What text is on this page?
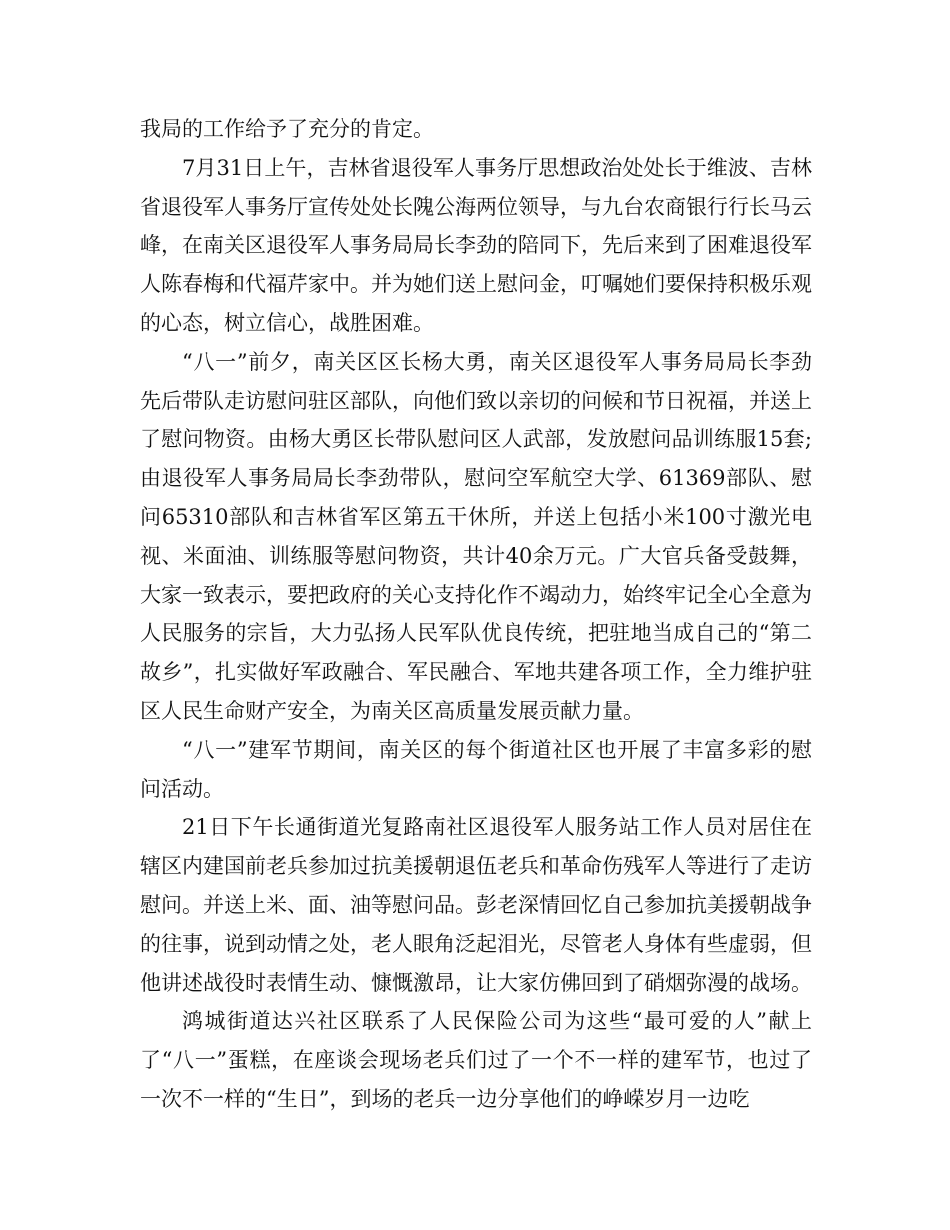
我局的工作给予了充分的肯定。

7月31日上午，吉林省退役军人事务厅思想政治处处长于维波、吉林省退役军人事务厅宣传处处长隗公海两位领导，与九台农商银行行长马云峰，在南关区退役军人事务局局长李劲的陪同下，先后来到了困难退役军人陈春梅和代福芹家中。并为她们送上慰问金，叮嘱她们要保持积极乐观的心态，树立信心，战胜困难。

“八一”前夕，南关区区长杨大勇，南关区退役军人事务局局长李劲先后带队走访慰问驻区部队，向他们致以亲切的问候和节日祝福，并送上了慰问物资。由杨大勇区长带队慰问区人武部，发放慰问品训练服15套;由退役军人事务局局长李劲带队，慰问空军航空大学、61369部队、慰问65310部队和吉林省军区第五干休所，并送上包括小米100寸激光电视、米面油、训练服等慰问物资，共计40余万元。广大官兵备受鼓舞，大家一致表示，要把政府的关心支持化作不竭动力，始终牢记全心全意为人民服务的宗旨，大力弘扬人民军队优良传统，把驻地当成自己的“第二故乡”，扎实做好军政融合、军民融合、军地共建各项工作，全力维护驻区人民生命财产安全，为南关区高质量发展贡献力量。

“八一”建军节期间，南关区的每个街道社区也开展了丰富多彩的慰问活动。

21日下午长通街道光复路南社区退役军人服务站工作人员对居住在辖区内建国前老兵参加过抗美援朝退伍老兵和革命伤残军人等进行了走访慰问。并送上米、面、油等慰问品。彭老深情回忆自己参加抗美援朝战争的往事，说到动情之处，老人眼角泛起泪光，尽管老人身体有些虚弱，但他讲述战役时表情生动、慷慨激昂，让大家仿佛回到了硝烟弥漫的战场。

鸿城街道达兴社区联系了人民保险公司为这些“最可爱的人”献上了“八一”蛋糕，在座谈会现场老兵们过了一个不一样的建军节，也过了一次不一样的“生日”，到场的老兵一边分享他们的峥嵘岁月一边吃
